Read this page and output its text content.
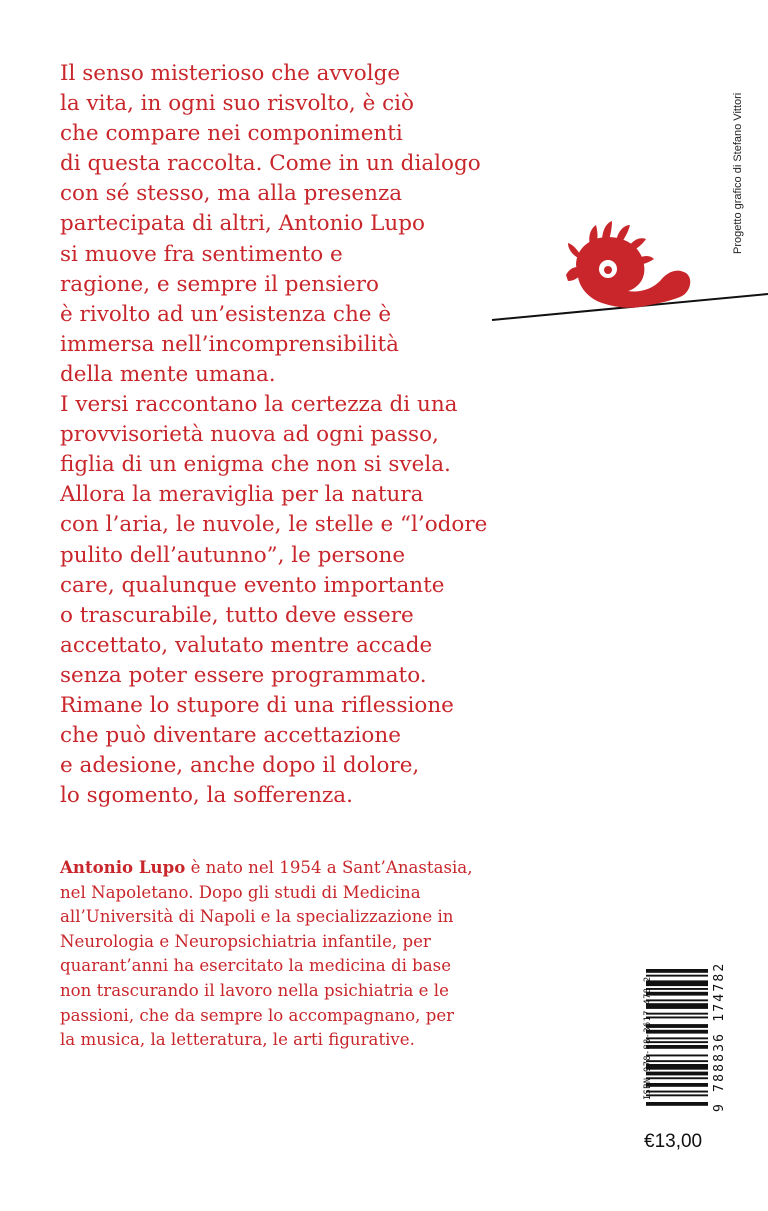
Il senso misterioso che avvolge
la vita, in ogni suo risvolto, è ciò
che compare nei componimenti
di questa raccolta. Come in un dialogo
con sé stesso, ma alla presenza
partecipata di altri, Antonio Lupo
si muove fra sentimento e
ragione, e sempre il pensiero
è rivolto ad un’esistenza che è
immersa nell’incomprensibilità
della mente umana.
I versi raccontano la certezza di una
provvisorietà nuova ad ogni passo,
figlia di un enigma che non si svela.
Allora la meraviglia per la natura
con l’aria, le nuvole, le stelle e “l’odore
pulito dell’autunno”, le persone
care, qualunque evento importante
o trascurabile, tutto deve essere
accettato, valutato mentre accade
senza poter essere programmato.
Rimane lo stupore di una riflessione
che può diventare accettazione
e adesione, anche dopo il dolore,
lo sgomento, la sofferenza.
Antonio Lupo è nato nel 1954 a Sant’Anastasia,
nel Napoletano. Dopo gli studi di Medicina
all’Università di Napoli e la specializzazione in
Neurologia e Neuropsichiatria infantile, per
quarant’anni ha esercitato la medicina di base
non trascurando il lavoro nella psichiatria e le
passioni, che da sempre lo accompagnano, per
la musica, la letteratura, le arti figurative.
Progetto grafico di Stefano Vittori
ISBN 978-88-3617-478-2	9 788836 174782
€13,00
